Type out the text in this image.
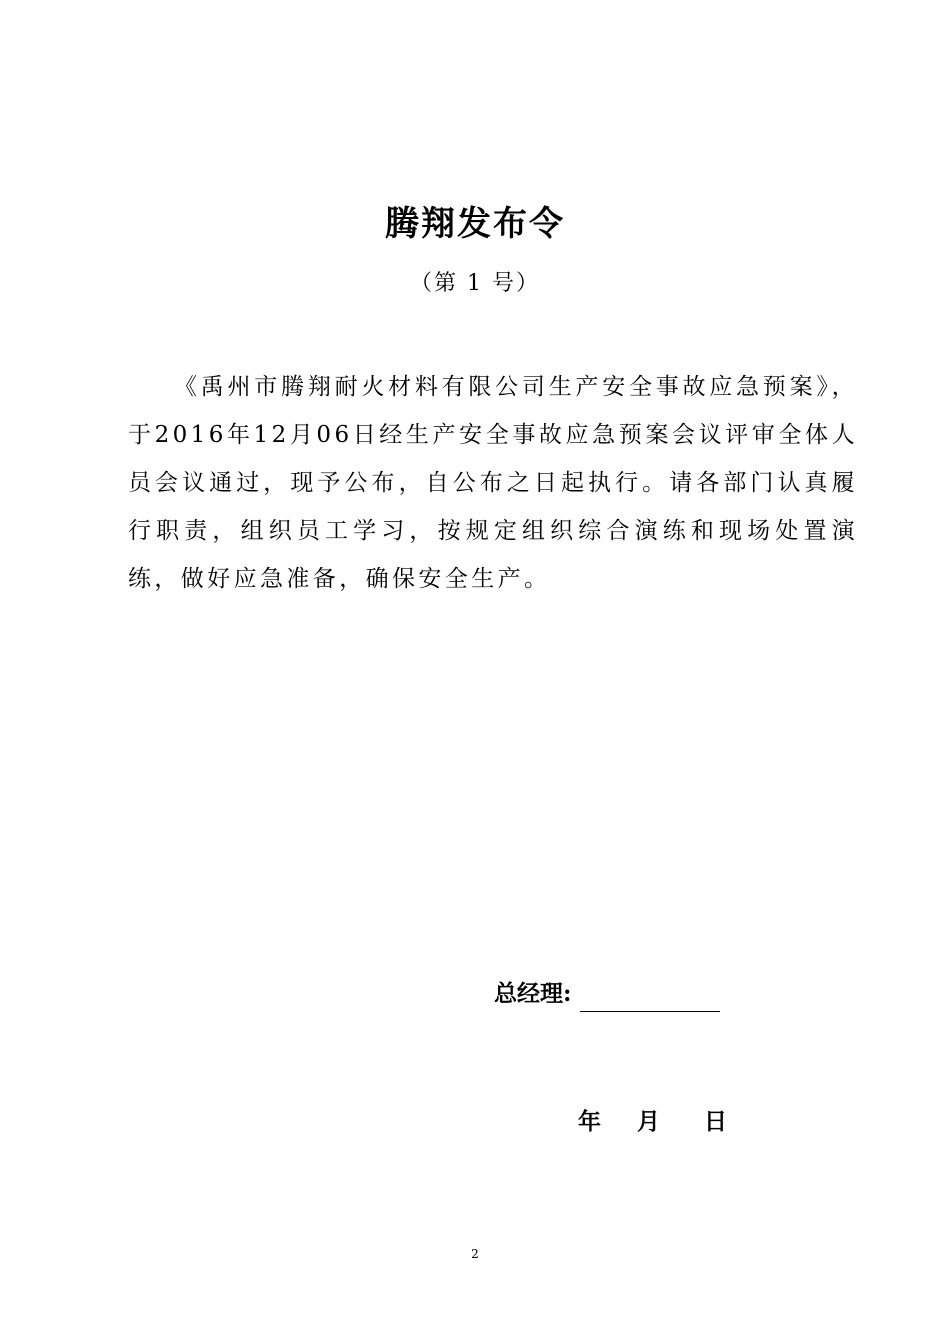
腾翔发布令
（第 1 号）

《禹州市腾翔耐火材料有限公司生产安全事故应急预案》，于2016年12月06日经生产安全事故应急预案会议评审全体人员会议通过，现予公布，自公布之日起执行。请各部门认真履行职责，组织员工学习，按规定组织综合演练和现场处置演练，做好应急准备，确保安全生产。

总经理:
年 月 日
2
